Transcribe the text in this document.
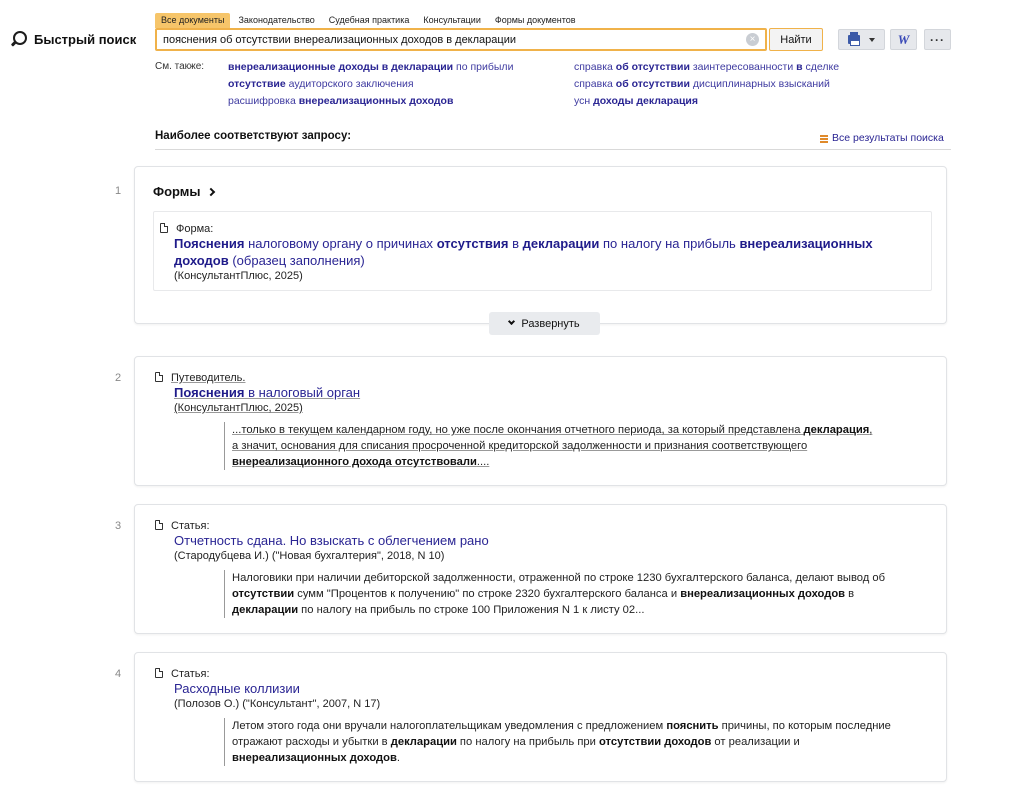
Быстрый поиск
Все документы	Законодательство	Судебная практика	Консультации	Формы документов
пояснения об отсутствии внереализационных доходов в декларации
×	Найти	W ···
См. также: внереализационные доходы в декларации по прибыли
отсутствие аудиторского заключения
расшифровка внереализационных доходов
справка об отсутствии заинтересованности в сделке
справка об отсутствии дисциплинарных взысканий
усн доходы декларация
Наиболее соответствуют запросу:	Все результаты поиска
1 Формы
Форма:
Пояснения налоговому органу о причинах отсутствия в декларации по налогу на прибыль внереализационных доходов (образец заполнения)
(КонсультантПлюс, 2025)
Развернуть
2	Путеводитель.
Пояснения в налоговый орган
(КонсультантПлюс, 2025)
...только в текущем календарном году, но уже после окончания отчетного периода, за который представлена декларация, а значит, основания для списания просроченной кредиторской задолженности и признания соответствующего внереализационного дохода отсутствовали....
3	Статья:
Отчетность сдана. Но взыскать с облегчением рано
(Стародубцева И.) ("Новая бухгалтерия", 2018, N 10)
Налоговики при наличии дебиторской задолженности, отраженной по строке 1230 бухгалтерского баланса, делают вывод об отсутствии сумм "Процентов к получению" по строке 2320 бухгалтерского баланса и внереализационных доходов в декларации по налогу на прибыль по строке 100 Приложения N 1 к листу 02...
4	Статья:
Расходные коллизии
(Полозов О.) ("Консультант", 2007, N 17)
Летом этого года они вручали налогоплательщикам уведомления с предложением пояснить причины, по которым последние отражают расходы и убытки в декларации по налогу на прибыль при отсутствии доходов от реализации и внереализационных доходов.
